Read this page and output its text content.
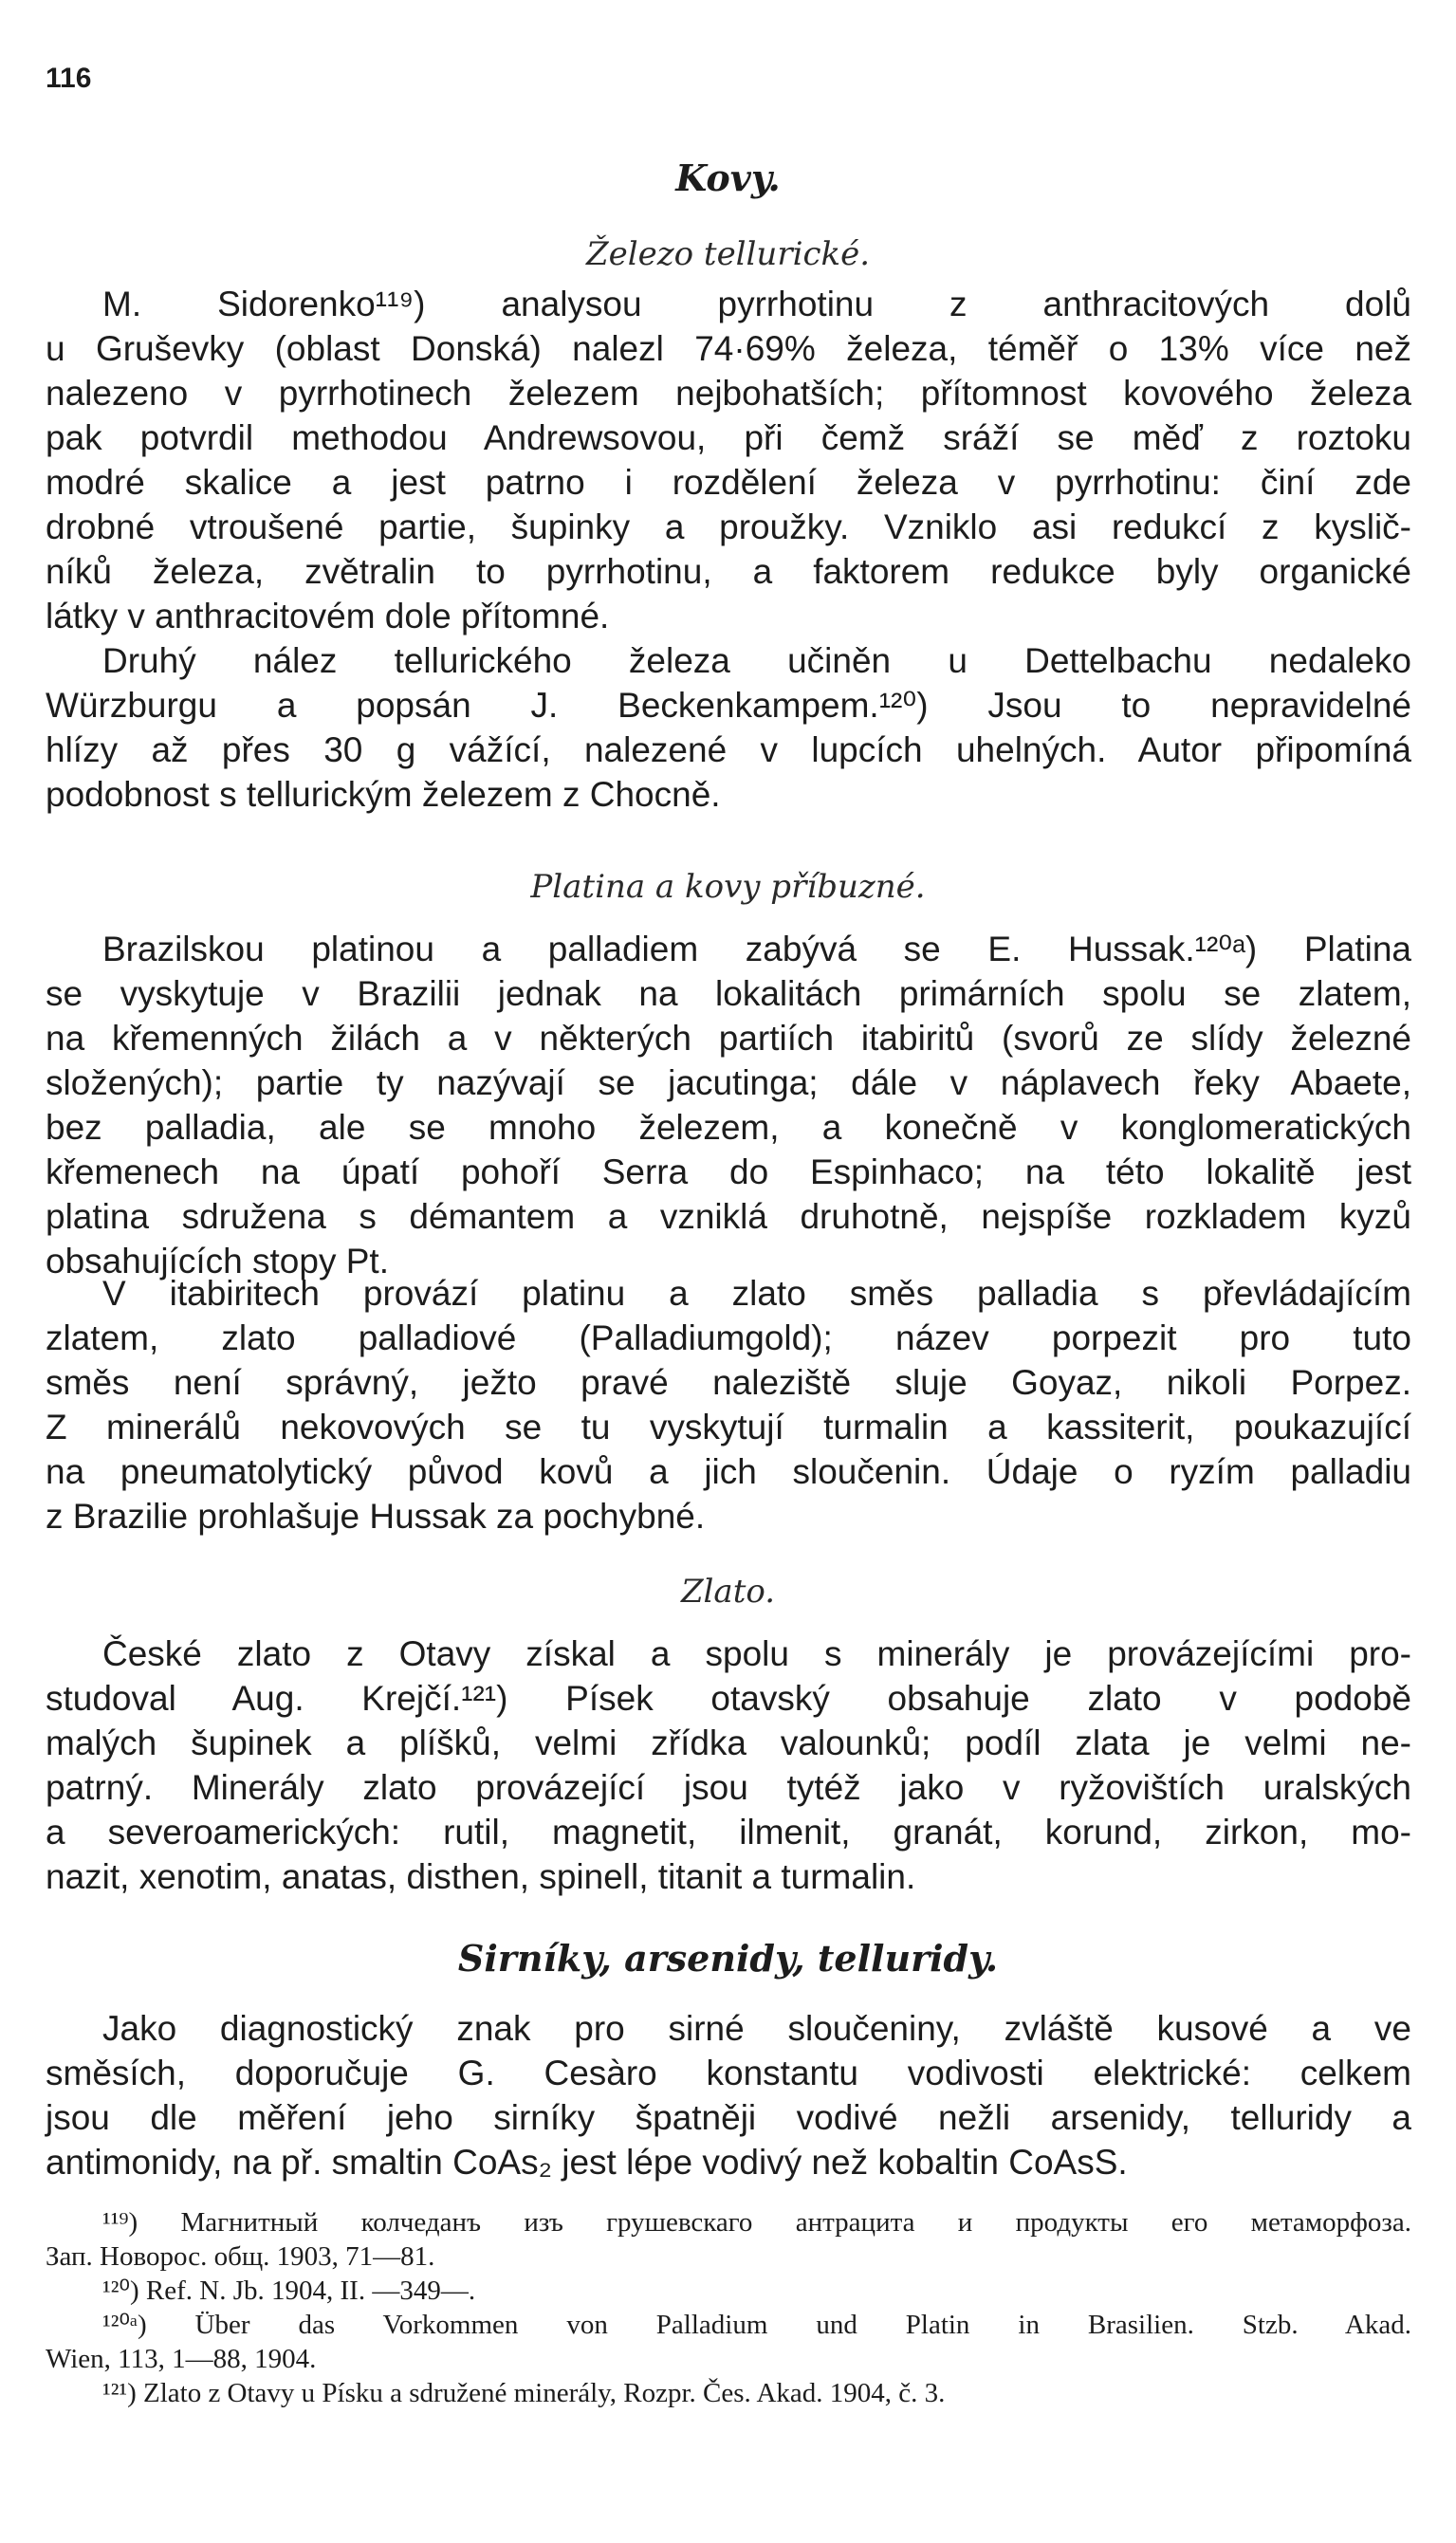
116
Kovy.
Železo tellurické.
M. Sidorenko¹¹⁹) analysou pyrrhotinu z anthracitových dolů
u Gruševky (oblast Donská) nalezl 74·69% železa, téměř o 13% více než
nalezeno v pyrrhotinech železem nejbohatších; přítomnost kovového železa
pak potvrdil methodou Andrewsovou, při čemž sráží se měď z roztoku
modré skalice a jest patrno i rozdělení železa v pyrrhotinu: činí zde
drobné vtroušené partie, šupinky a proužky. Vzniklo asi redukcí z kyslič-
níků železa, zvětralin to pyrrhotinu, a faktorem redukce byly organické
látky v anthracitovém dole přítomné.
Druhý nález tellurického železa učiněn u Dettelbachu nedaleko
Würzburgu a popsán J. Beckenkampem.¹²⁰) Jsou to nepravidelné
hlízy až přes 30 g vážící, nalezené v lupcích uhelných. Autor připomíná
podobnost s tellurickým železem z Chocně.
Platina a kovy příbuzné.
Brazilskou platinou a palladiem zabývá se E. Hussak.¹²⁰ᵃ) Platina
se vyskytuje v Brazilii jednak na lokalitách primárních spolu se zlatem,
na křemenných žilách a v některých partiích itabiritů (svorů ze slídy železné
složených); partie ty nazývají se jacutinga; dále v náplavech řeky Abaete,
bez palladia, ale se mnoho železem, a konečně v konglomeratických
křemenech na úpatí pohoří Serra do Espinhaco; na této lokalitě jest
platina sdružena s démantem a vzniklá druhotně, nejspíše rozkladem kyzů
obsahujících stopy Pt.
V itabiritech provází platinu a zlato směs palladia s převládajícím
zlatem, zlato palladiové (Palladiumgold); název porpezit pro tuto
směs není správný, ježto pravé naleziště sluje Goyaz, nikoli Porpez.
Z minerálů nekovových se tu vyskytují turmalin a kassiterit, poukazující
na pneumatolytický původ kovů a jich sloučenin. Údaje o ryzím palladiu
z Brazilie prohlašuje Hussak za pochybné.
Zlato.
České zlato z Otavy získal a spolu s minerály je provázejícími pro-
studoval Aug. Krejčí.¹²¹) Písek otavský obsahuje zlato v podobě
malých šupinek a plíšků, velmi zřídka valounků; podíl zlata je velmi ne-
patrný. Minerály zlato provázející jsou tytéž jako v ryžovištích uralských
a severoamerických: rutil, magnetit, ilmenit, granát, korund, zirkon, mo-
nazit, xenotim, anatas, disthen, spinell, titanit a turmalin.
Sirníky, arsenidy, telluridy.
Jako diagnostický znak pro sirné sloučeniny, zvláště kusové a ve
směsích, doporučuje G. Cesàro konstantu vodivosti elektrické: celkem
jsou dle měření jeho sirníky špatněji vodivé nežli arsenidy, telluridy a
antimonidy, na př. smaltin CoAs₂ jest lépe vodivý než kobaltin CoAsS.
¹¹⁹) Магнитный колчеданъ изъ грушевскаго антрацита и продукты его метаморфоза.
Зап. Новорос. общ. 1903, 71—81.
¹²⁰) Ref. N. Jb. 1904, II. —349—.
¹²⁰ᵃ) Über das Vorkommen von Palladium und Platin in Brasilien. Stzb. Akad.
Wien, 113, 1—88, 1904.
¹²¹) Zlato z Otavy u Písku a sdružené minerály, Rozpr. Čes. Akad. 1904, č. 3.
